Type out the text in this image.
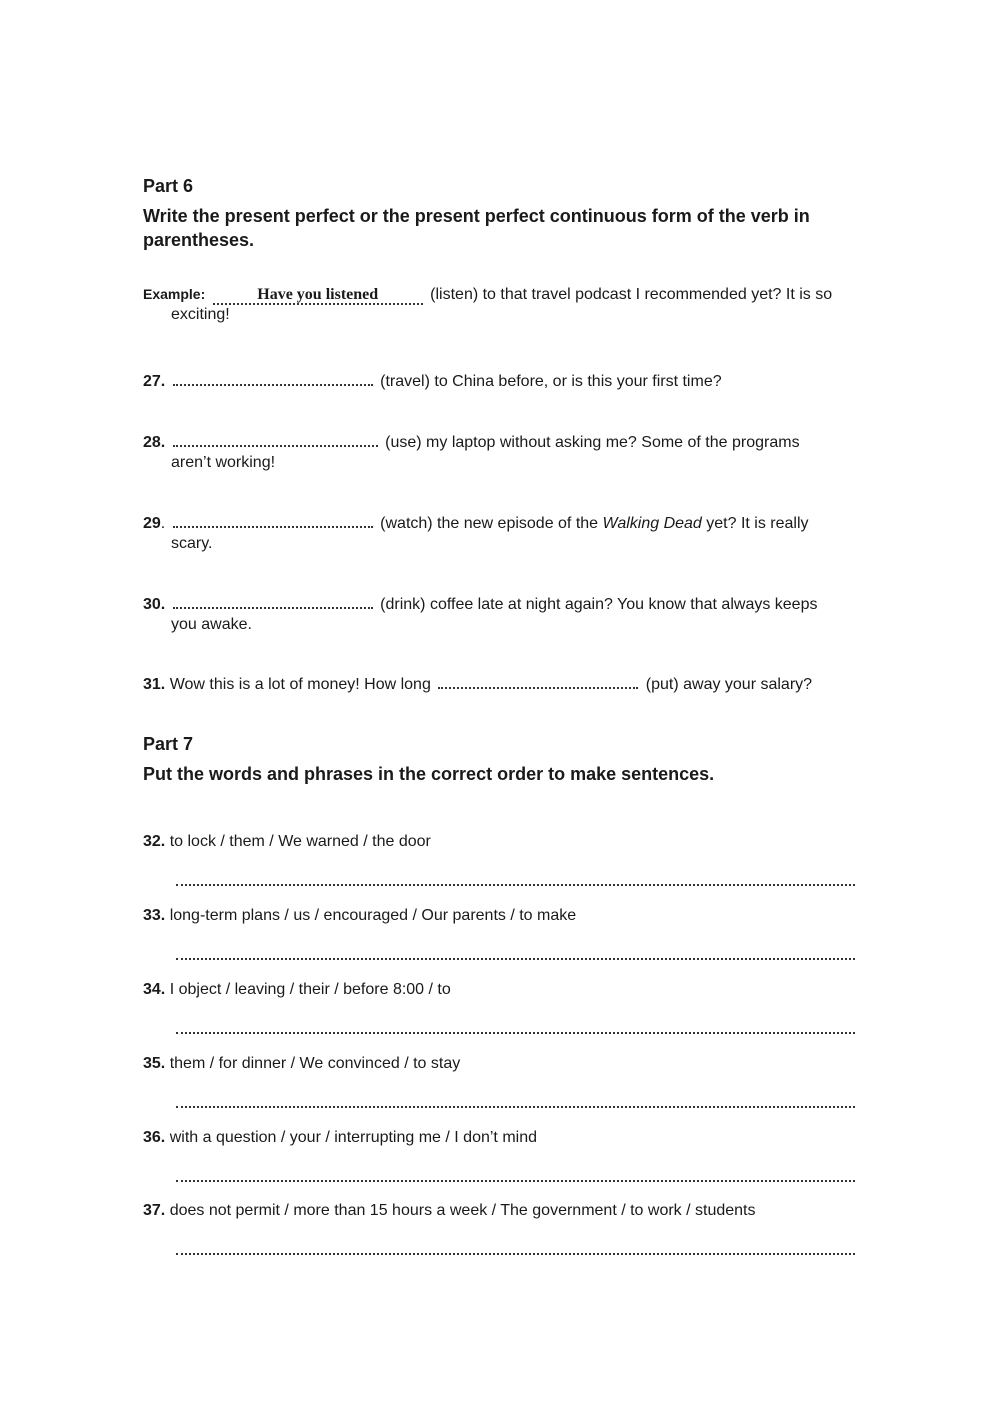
Part 6
Write the present perfect or the present perfect continuous form of the verb in parentheses.
Example:	Have you listened	(listen) to that travel podcast I recommended yet? It is so
exciting!
27.	(travel) to China before, or is this your first time?
28.	(use) my laptop without asking me? Some of the programs
aren’t working!
29.	(watch) the new episode of the Walking Dead yet? It is really
scary.
30.	(drink) coffee late at night again? You know that always keeps
you awake.
31. Wow this is a lot of money! How long	(put) away your salary?
Part 7
Put the words and phrases in the correct order to make sentences.
32. to lock / them / We warned / the door
33. long-term plans / us / encouraged / Our parents / to make
34. I object / leaving / their / before 8:00 / to
35. them / for dinner / We convinced / to stay
36. with a question / your / interrupting me / I don’t mind
37. does not permit / more than 15 hours a week / The government / to work / students
